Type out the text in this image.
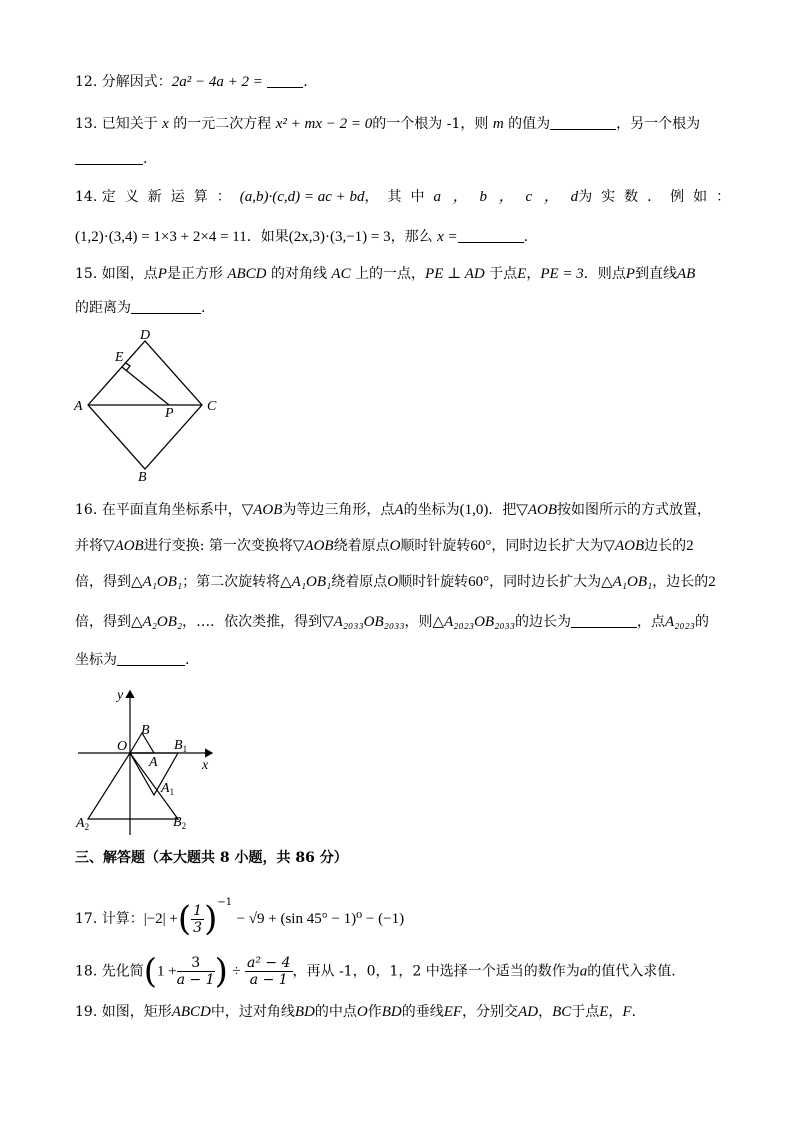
12. 分解因式：2a² − 4a + 2 =	.
13. 已知关于 x 的一元二次方程 x² + mx − 2 = 0的一个根为 -1，则 m 的值为	，另一个根为
.
14. 定义新运算：(a,b)·(c,d) = ac + bd，其中a ， b ， c ， d为实数．例如：
(1,2)·(3,4) = 1×3 + 2×4 = 11．如果(2x,3)·(3,−1) = 3，那么 x =	.
15. 如图，点P是正方形 ABCD 的对角线 AC 上的一点，PE ⊥ AD 于点E，PE = 3．则点P到直线AB
的距离为	.
D
E
A	P C
B
16. 在平面直角坐标系中，▽AOB为等边三角形，点A的坐标为(1,0)．把▽AOB按如图所示的方式放置，
并将▽AOB进行变换: 第一次变换将▽AOB绕着原点O顺时针旋转60°，同时边长扩大为▽AOB边长的2
倍，得到△A₁OB₁；第二次旋转将△A₁OB₁绕着原点O顺时针旋转60°，同时边长扩大为△A₁OB₁，边长的2
倍，得到△A₂OB₂，…．依次类推，得到▽A₂₀₃₃OB₂₀₃₃，则△A₂₀₂₃OB₂₀₃₃的边长为	，点A₂₀₂₃的
坐标为	.
y
x
O
B
$B_1$
A
$A_1$
$A_2$	$B_2$
三、解答题（本大题共 8 小题，共 86 分）
17. 计算：|−2| +( $\frac{1}{3} )^{-1} - √9 + (\sin$ 45° − 1)⁰ − (−1)
18. 先化简($1 + \frac{3}{a - 1}$ ) ÷ $\frac{\text{a² − 4}}{a - 1}$ ，再从 -1，0，1，2 中选择一个适当的数作为a的值代入求值.
19. 如图，矩形ABCD中，过对角线BD的中点O作BD的垂线EF，分别交AD，BC于点E，F．
